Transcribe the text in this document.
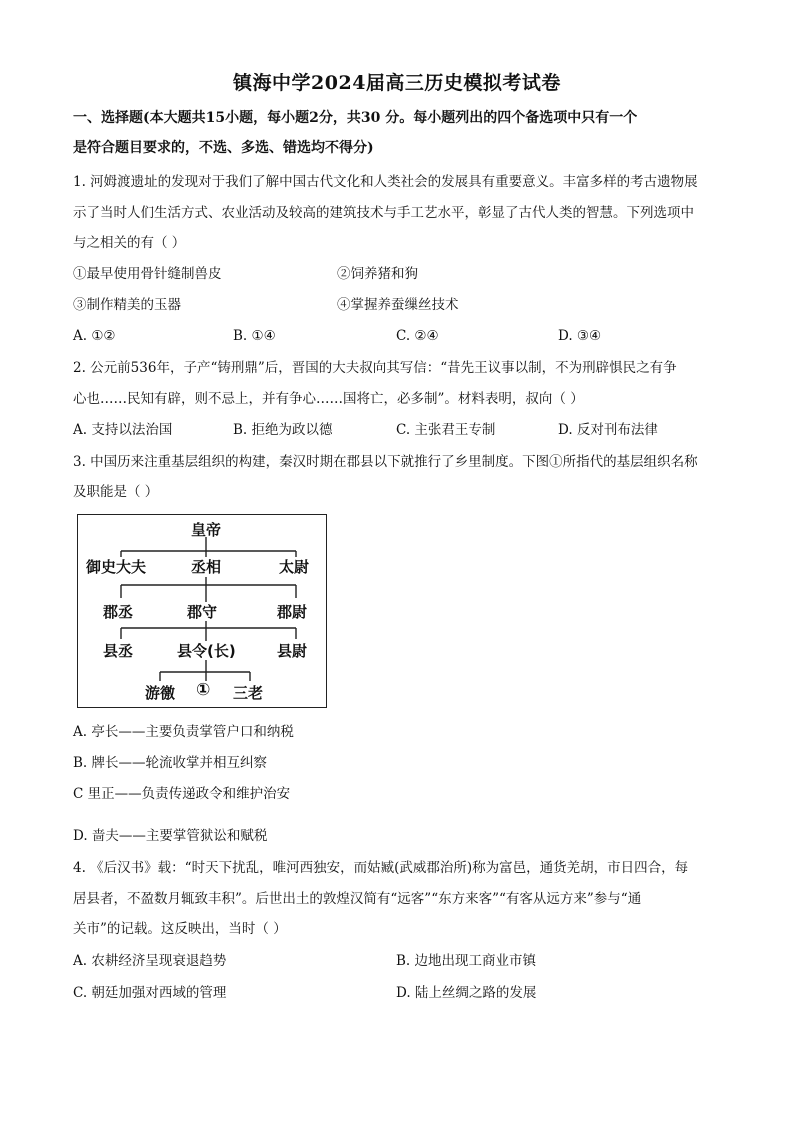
镇海中学2024届高三历史模拟考试卷
一、选择题(本大题共15小题，每小题2分，共30 分。每小题列出的四个备选项中只有一个
是符合题目要求的，不选、多选、错选均不得分)
1. 河姆渡遗址的发现对于我们了解中国古代文化和人类社会的发展具有重要意义。丰富多样的考古遗物展
示了当时人们生活方式、农业活动及较高的建筑技术与手工艺水平，彰显了古代人类的智慧。下列选项中
与之相关的有（ ）
①最早使用骨针缝制兽皮	②饲养猪和狗
③制作精美的玉器	④掌握养蚕缫丝技术
A. ①②	B. ①④	C. ②④	D. ③④
2. 公元前536年，子产“铸刑鼎”后，晋国的大夫叔向其写信：“昔先王议事以制，不为刑辟惧民之有争
心也……民知有辟，则不忌上，并有争心……国将亡，必多制”。材料表明，叔向（ ）
A. 支持以法治国	B. 拒绝为政以德	C. 主张君王专制	D. 反对刊布法律
3. 中国历来注重基层组织的构建，秦汉时期在郡县以下就推行了乡里制度。下图①所指代的基层组织名称
及职能是（ ）
皇帝
御史大夫	丞相	太尉
郡丞	郡守	郡尉
县丞	县令(长)	县尉
游徼 ① 三老
A. 亭长——主要负责掌管户口和纳税
B. 牌长——轮流收掌并相互纠察
C 里正——负责传递政令和维护治安
D. 啬夫——主要掌管狱讼和赋税
4. 《后汉书》载：“时天下扰乱，唯河西独安，而姑臧(武威郡治所)称为富邑，通货羌胡，市日四合，每
居县者，不盈数月辄致丰积”。后世出土的敦煌汉简有“远客”“东方来客”“有客从远方来”参与“通
关市”的记载。这反映出，当时（ ）
A. 农耕经济呈现衰退趋势	B. 边地出现工商业市镇
C. 朝廷加强对西域的管理	D. 陆上丝绸之路的发展
